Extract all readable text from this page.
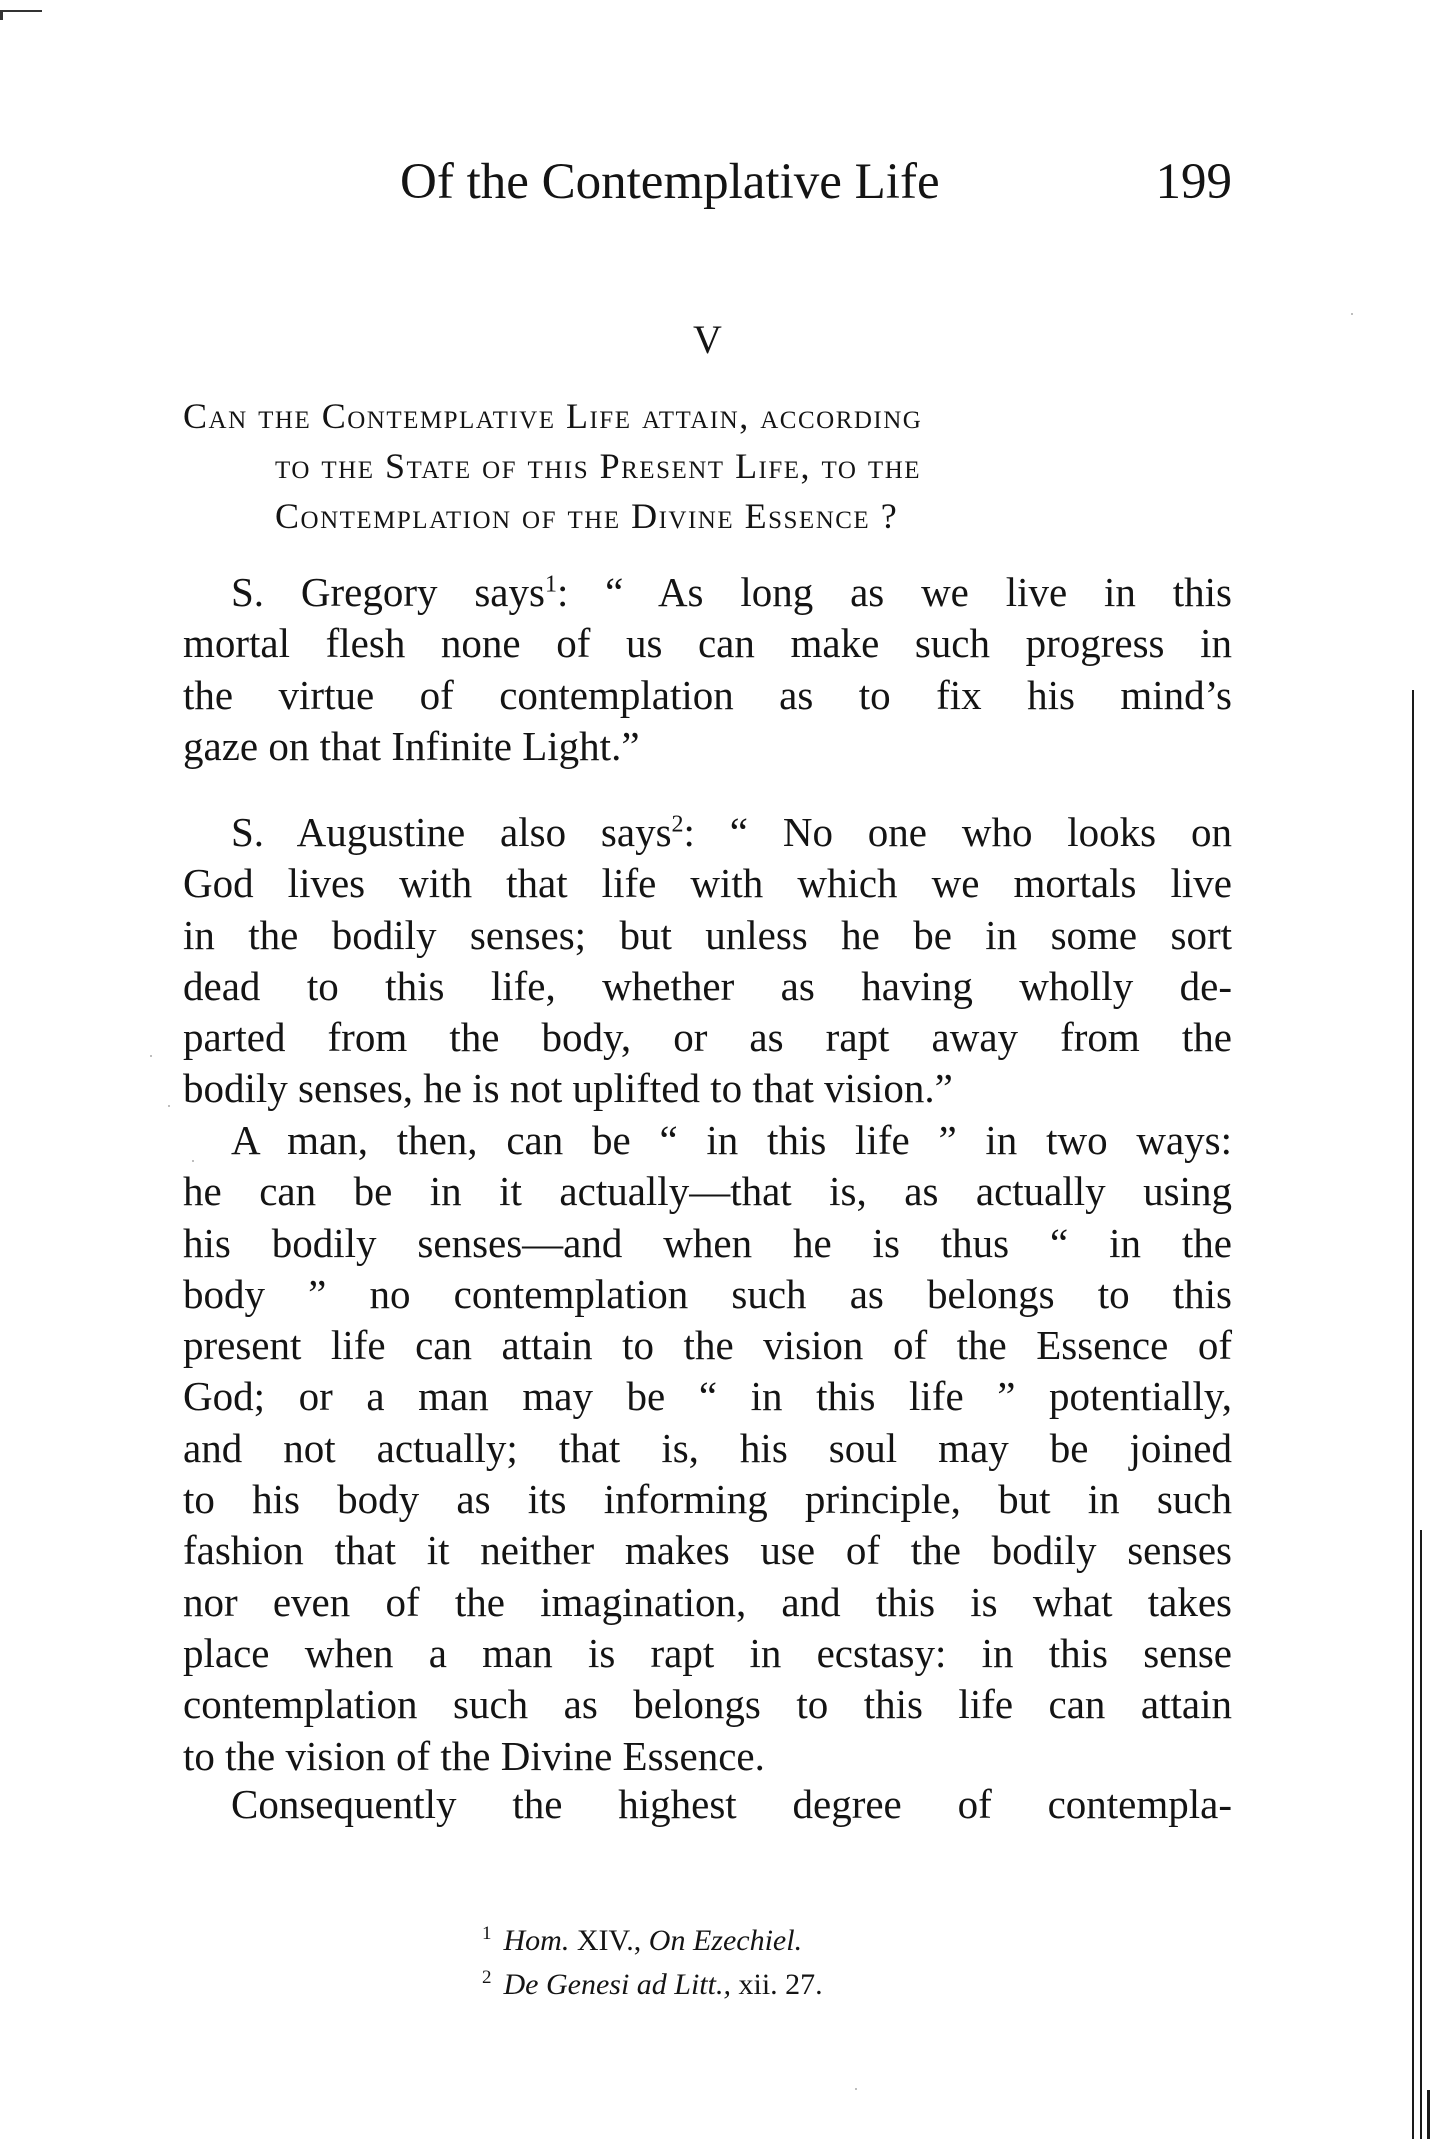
Of the Contemplative Life	199
V
Can the Contemplative Life attain, according
to the State of this Present Life, to the
Contemplation of the Divine Essence ?
S. Gregory says$^1$: “ As long as we live in this
mortal flesh none of us can make such progress in
the virtue of contemplation as to fix his mind’s
gaze on that Infinite Light.”
S. Augustine also says$^2$: “ No one who looks on
God lives with that life with which we mortals live
in the bodily senses; but unless he be in some sort
dead to this life, whether as having wholly de-
parted from the body, or as rapt away from the
bodily senses, he is not uplifted to that vision.”
A man, then, can be “ in this life ” in two ways:
he can be in it actually—that is, as actually using
his bodily senses—and when he is thus “ in the
body ” no contemplation such as belongs to this
present life can attain to the vision of the Essence of
God; or a man may be “ in this life ” potentially,
and not actually; that is, his soul may be joined
to his body as its informing principle, but in such
fashion that it neither makes use of the bodily senses
nor even of the imagination, and this is what takes
place when a man is rapt in ecstasy: in this sense
contemplation such as belongs to this life can attain
to the vision of the Divine Essence.
Consequently the highest degree of contempla-
$^1$ Hom. XIV., On Ezechiel.
$^2$ De Genesi ad Litt., xii. 27.
